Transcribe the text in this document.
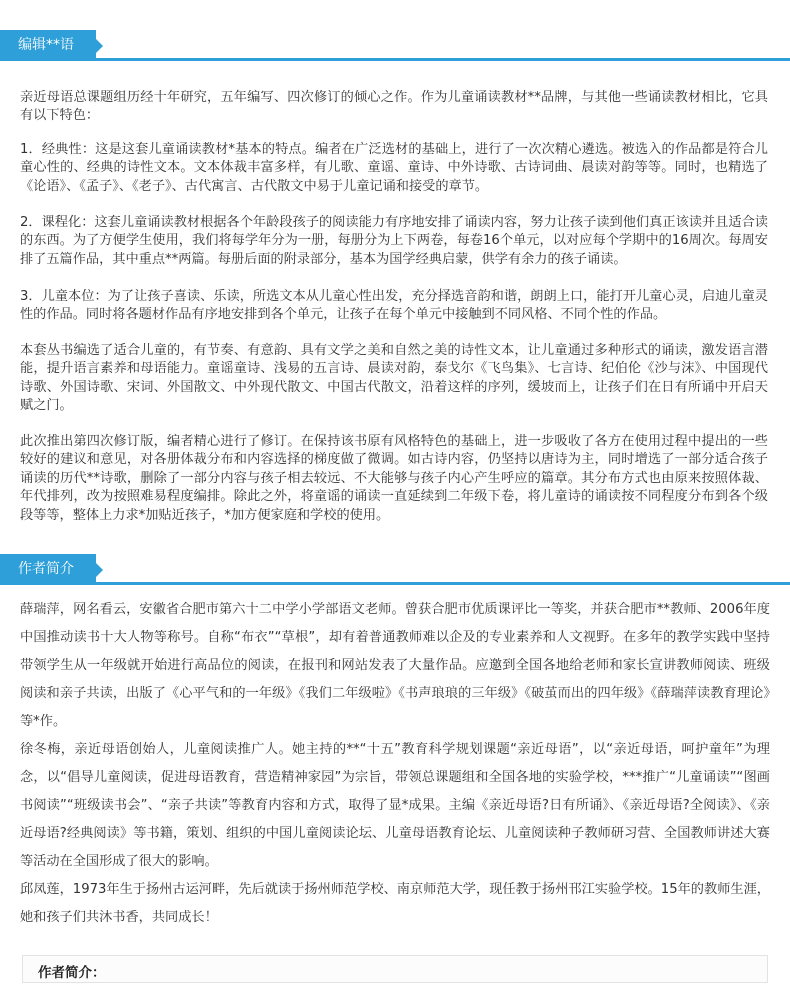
编辑**语

亲近母语总课题组历经十年研究，五年编写、四次修订的倾心之作。作为儿童诵读教材**品牌，与其他一些诵读教材相比，它具有以下特色：

1．经典性：这是这套儿童诵读教材*基本的特点。编者在广泛选材的基础上，进行了一次次精心遴选。被选入的作品都是符合儿童心性的、经典的诗性文本。文本体裁丰富多样，有儿歌、童谣、童诗、中外诗歌、古诗词曲、晨读对韵等等。同时，也精选了《论语》、《孟子》、《老子》、古代寓言、古代散文中易于儿童记诵和接受的章节。

2．课程化：这套儿童诵读教材根据各个年龄段孩子的阅读能力有序地安排了诵读内容，努力让孩子读到他们真正该读并且适合读的东西。为了方便学生使用，我们将每学年分为一册，每册分为上下两卷，每卷16个单元，以对应每个学期中的16周次。每周安排了五篇作品，其中重点**两篇。每册后面的附录部分，基本为国学经典启蒙，供学有余力的孩子诵读。

3．儿童本位：为了让孩子喜读、乐读，所选文本从儿童心性出发，充分择选音韵和谐，朗朗上口，能打开儿童心灵，启迪儿童灵性的作品。同时将各题材作品有序地安排到各个单元，让孩子在每个单元中接触到不同风格、不同个性的作品。

本套丛书编选了适合儿童的，有节奏、有意韵、具有文学之美和自然之美的诗性文本，让儿童通过多种形式的诵读，激发语言潜能，提升语言素养和母语能力。童谣童诗、浅易的五言诗、晨读对韵，泰戈尔《飞鸟集》、七言诗、纪伯伦《沙与沫》、中国现代诗歌、外国诗歌、宋词、外国散文、中外现代散文、中国古代散文，沿着这样的序列，缓坡而上，让孩子们在日有所诵中开启天赋之门。

此次推出第四次修订版，编者精心进行了修订。在保持该书原有风格特色的基础上，进一步吸收了各方在使用过程中提出的一些较好的建议和意见，对各册体裁分布和内容选择的梯度做了微调。如古诗内容，仍坚持以唐诗为主，同时增选了一部分适合孩子诵读的历代**诗歌，删除了一部分内容与孩子相去较远、不大能够与孩子内心产生呼应的篇章。其分布方式也由原来按照体裁、年代排列，改为按照难易程度编排。除此之外，将童谣的诵读一直延续到二年级下卷，将儿童诗的诵读按不同程度分布到各个级段等等，整体上力求*加贴近孩子，*加方便家庭和学校的使用。

作者简介

薛瑞萍，网名看云，安徽省合肥市第六十二中学小学部语文老师。曾获合肥市优质课评比一等奖，并获合肥市**教师、2006年度中国推动读书十大人物等称号。自称“布衣”“草根”，却有着普通教师难以企及的专业素养和人文视野。在多年的教学实践中坚持带领学生从一年级就开始进行高品位的阅读，在报刊和网站发表了大量作品。应邀到全国各地给老师和家长宣讲教师阅读、班级阅读和亲子共读，出版了《心平气和的一年级》《我们二年级啦》《书声琅琅的三年级》《破茧而出的四年级》《薛瑞萍读教育理论》等*作。

徐冬梅，亲近母语创始人，儿童阅读推广人。她主持的**“十五”教育科学规划课题“亲近母语”，以“亲近母语，呵护童年”为理念，以“倡导儿童阅读，促进母语教育，营造精神家园”为宗旨，带领总课题组和全国各地的实验学校，***推广“儿童诵读”“图画书阅读”“班级读书会”、“亲子共读”等教育内容和方式，取得了显*成果。主编《亲近母语?日有所诵》、《亲近母语?全阅读》、《亲近母语?经典阅读》等书籍，策划、组织的中国儿童阅读论坛、儿童母语教育论坛、儿童阅读种子教师研习营、全国教师讲述大赛等活动在全国形成了很大的影响。

邱凤莲，1973年生于扬州古运河畔，先后就读于扬州师范学校、南京师范大学，现任教于扬州邗江实验学校。15年的教师生涯，她和孩子们共沐书香，共同成长！

作者简介：
